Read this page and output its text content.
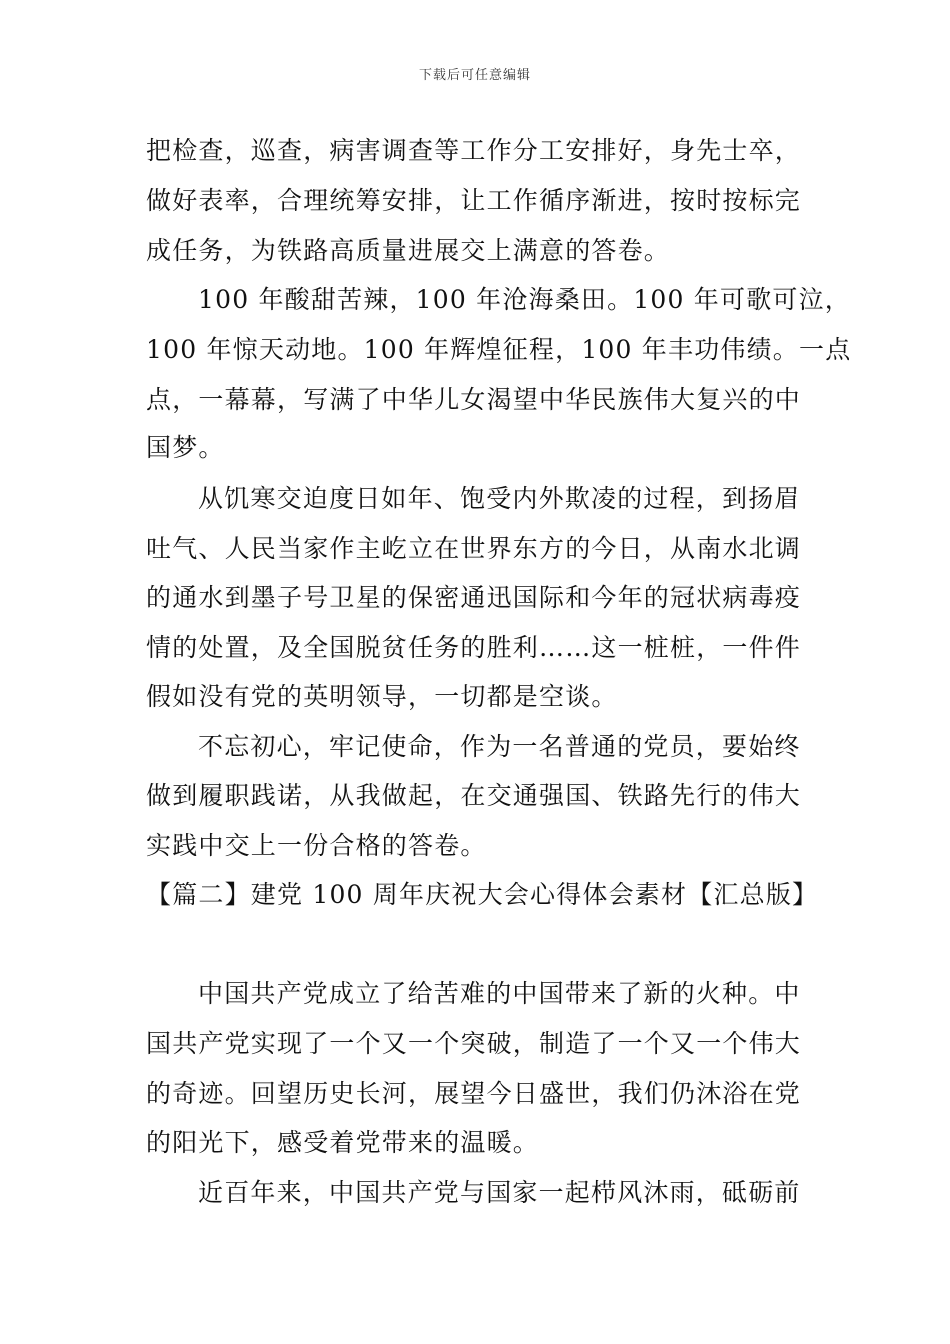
下载后可任意编辑
把检查，巡查，病害调查等工作分工安排好，身先士卒，
做好表率，合理统筹安排，让工作循序渐进，按时按标完
成任务，为铁路高质量进展交上满意的答卷。
100 年酸甜苦辣，100 年沧海桑田。100 年可歌可泣，
100 年惊天动地。100 年辉煌征程，100 年丰功伟绩。一点
点，一幕幕，写满了中华儿女渴望中华民族伟大复兴的中
国梦。
从饥寒交迫度日如年、饱受内外欺凌的过程，到扬眉
吐气、人民当家作主屹立在世界东方的今日，从南水北调
的通水到墨子号卫星的保密通迅国际和今年的冠状病毒疫
情的处置，及全国脱贫任务的胜利……这一桩桩，一件件
假如没有党的英明领导，一切都是空谈。
不忘初心，牢记使命，作为一名普通的党员，要始终
做到履职践诺，从我做起，在交通强国、铁路先行的伟大
实践中交上一份合格的答卷。
【篇二】建党 100 周年庆祝大会心得体会素材【汇总版】
中国共产党成立了给苦难的中国带来了新的火种。中
国共产党实现了一个又一个突破，制造了一个又一个伟大
的奇迹。回望历史长河，展望今日盛世，我们仍沐浴在党
的阳光下，感受着党带来的温暖。
近百年来，中国共产党与国家一起栉风沐雨，砥砺前
